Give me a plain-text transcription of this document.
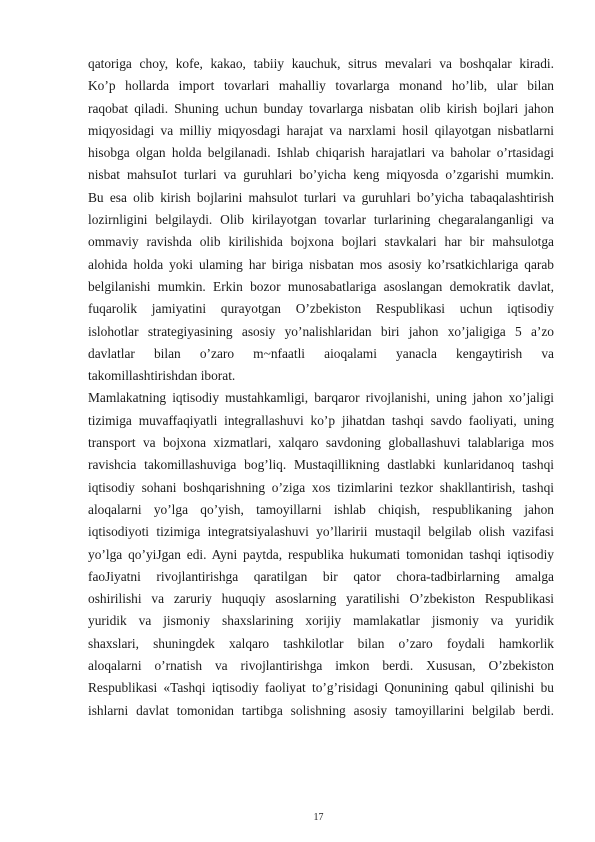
qatoriga choy, kofe, kakao, tabiiy kauchuk, sitrus mevalari va boshqalar kiradi.
Ko’p hollarda import tovarlari mahalliy tovarlarga monand ho’lib, ular bilan
raqobat qiladi. Shuning uchun bunday tovarlarga nisbatan olib kirish bojlari jahon
miqyosidagi va milliy miqyosdagi harajat va narxlami hosil qilayotgan nisbatlarni
hisobga olgan holda belgilanadi. Ishlab chiqarish harajatlari va baholar o’rtasidagi
nisbat mahsuIot turlari va guruhlari bo’yicha keng miqyosda o’zgarishi mumkin.
Bu esa olib kirish bojlarini mahsulot turlari va guruhlari bo’yicha tabaqalashtirish
lozirnligini belgilaydi. Olib kirilayotgan tovarlar turlarining chegaralanganligi va
ommaviy ravishda olib kirilishida bojxona bojlari stavkalari har bir mahsulotga
alohida holda yoki ulaming har biriga nisbatan mos asosiy ko’rsatkichlariga qarab
belgilanishi mumkin. Erkin bozor munosabatlariga asoslangan demokratik davlat,
fuqarolik jamiyatini qurayotgan O’zbekiston Respublikasi uchun iqtisodiy
islohotlar strategiyasining asosiy yo’nalishlaridan biri jahon xo’jaligiga 5 a’zo
davlatlar bilan o’zaro m~nfaatli aioqalami yanacla kengaytirish va
takomillashtirishdan iborat.
Mamlakatning iqtisodiy mustahkamligi, barqaror rivojlanishi, uning jahon xo’jaligi
tizimiga muvaffaqiyatli integrallashuvi ko’p jihatdan tashqi savdo faoliyati, uning
transport va bojxona xizmatlari, xalqaro savdoning globallashuvi talablariga mos
ravishcia takomillashuviga bog’liq. Mustaqillikning dastlabki kunlaridanoq tashqi
iqtisodiy sohani boshqarishning o’ziga xos tizimlarini tezkor shakllantirish, tashqi
aloqalarni yo’lga qo’yish, tamoyillarni ishlab chiqish, respublikaning jahon
iqtisodiyoti tizimiga integratsiyalashuvi yo’llaririi mustaqil belgilab olish vazifasi
yo’lga qo’yiJgan edi. Ayni paytda, respublika hukumati tomonidan tashqi iqtisodiy
faoJiyatni rivojlantirishga qaratilgan bir qator chora-tadbirlarning amalga
oshirilishi va zaruriy huquqiy asoslarning yaratilishi O’zbekiston Respublikasi
yuridik va jismoniy shaxslarining xorijiy mamlakatlar jismoniy va yuridik
shaxslari, shuningdek xalqaro tashkilotlar bilan o’zaro foydali hamkorlik
aloqalarni o’rnatish va rivojlantirishga imkon berdi. Xususan, O’zbekiston
Respublikasi «Tashqi iqtisodiy faoliyat to’g’risidagi Qonunining qabul qilinishi bu
ishlarni davlat tomonidan tartibga solishning asosiy tamoyillarini belgilab berdi.
17
